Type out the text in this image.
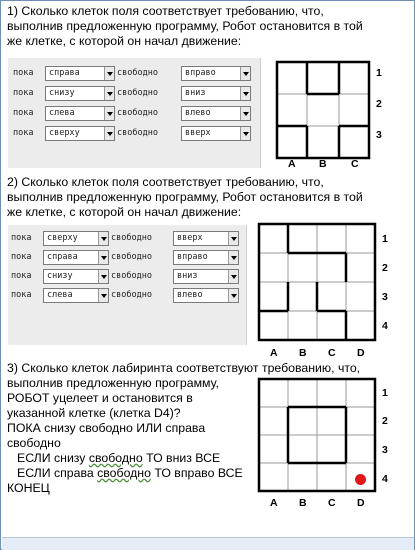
1) Сколько клеток поля соответствует требованию, что,
выполнив предложенную программу, Робот остановится в той
же клетке, с которой он начал движение:
пока справа	свободно	вправо
пока снизу	свободно	вниз
пока слева	свободно	влево
пока сверху	свободно	вверх
1
2
3
A B C
2) Сколько клеток поля соответствует требованию, что,
выполнив предложенную программу, Робот остановится в той
же клетке, с которой он начал движение:
пока сверху	свободно	вверх
пока справа	свободно	вправо
пока снизу	свободно	вниз
пока слева	свободно	влево
1
2
3
4
A B C D
3) Сколько клеток лабиринта соответствуют требованию, что,
выполнив предложенную программу,
РОБОТ уцелеет и остановится в
указанной клетке (клетка D4)?
ПОКА снизу свободно ИЛИ справа
свободно
ЕСЛИ снизу свободно ТО вниз ВСЕ
ЕСЛИ справа свободно ТО вправо ВСЕ
КОНЕЦ
1
2
3
4
A B C D
